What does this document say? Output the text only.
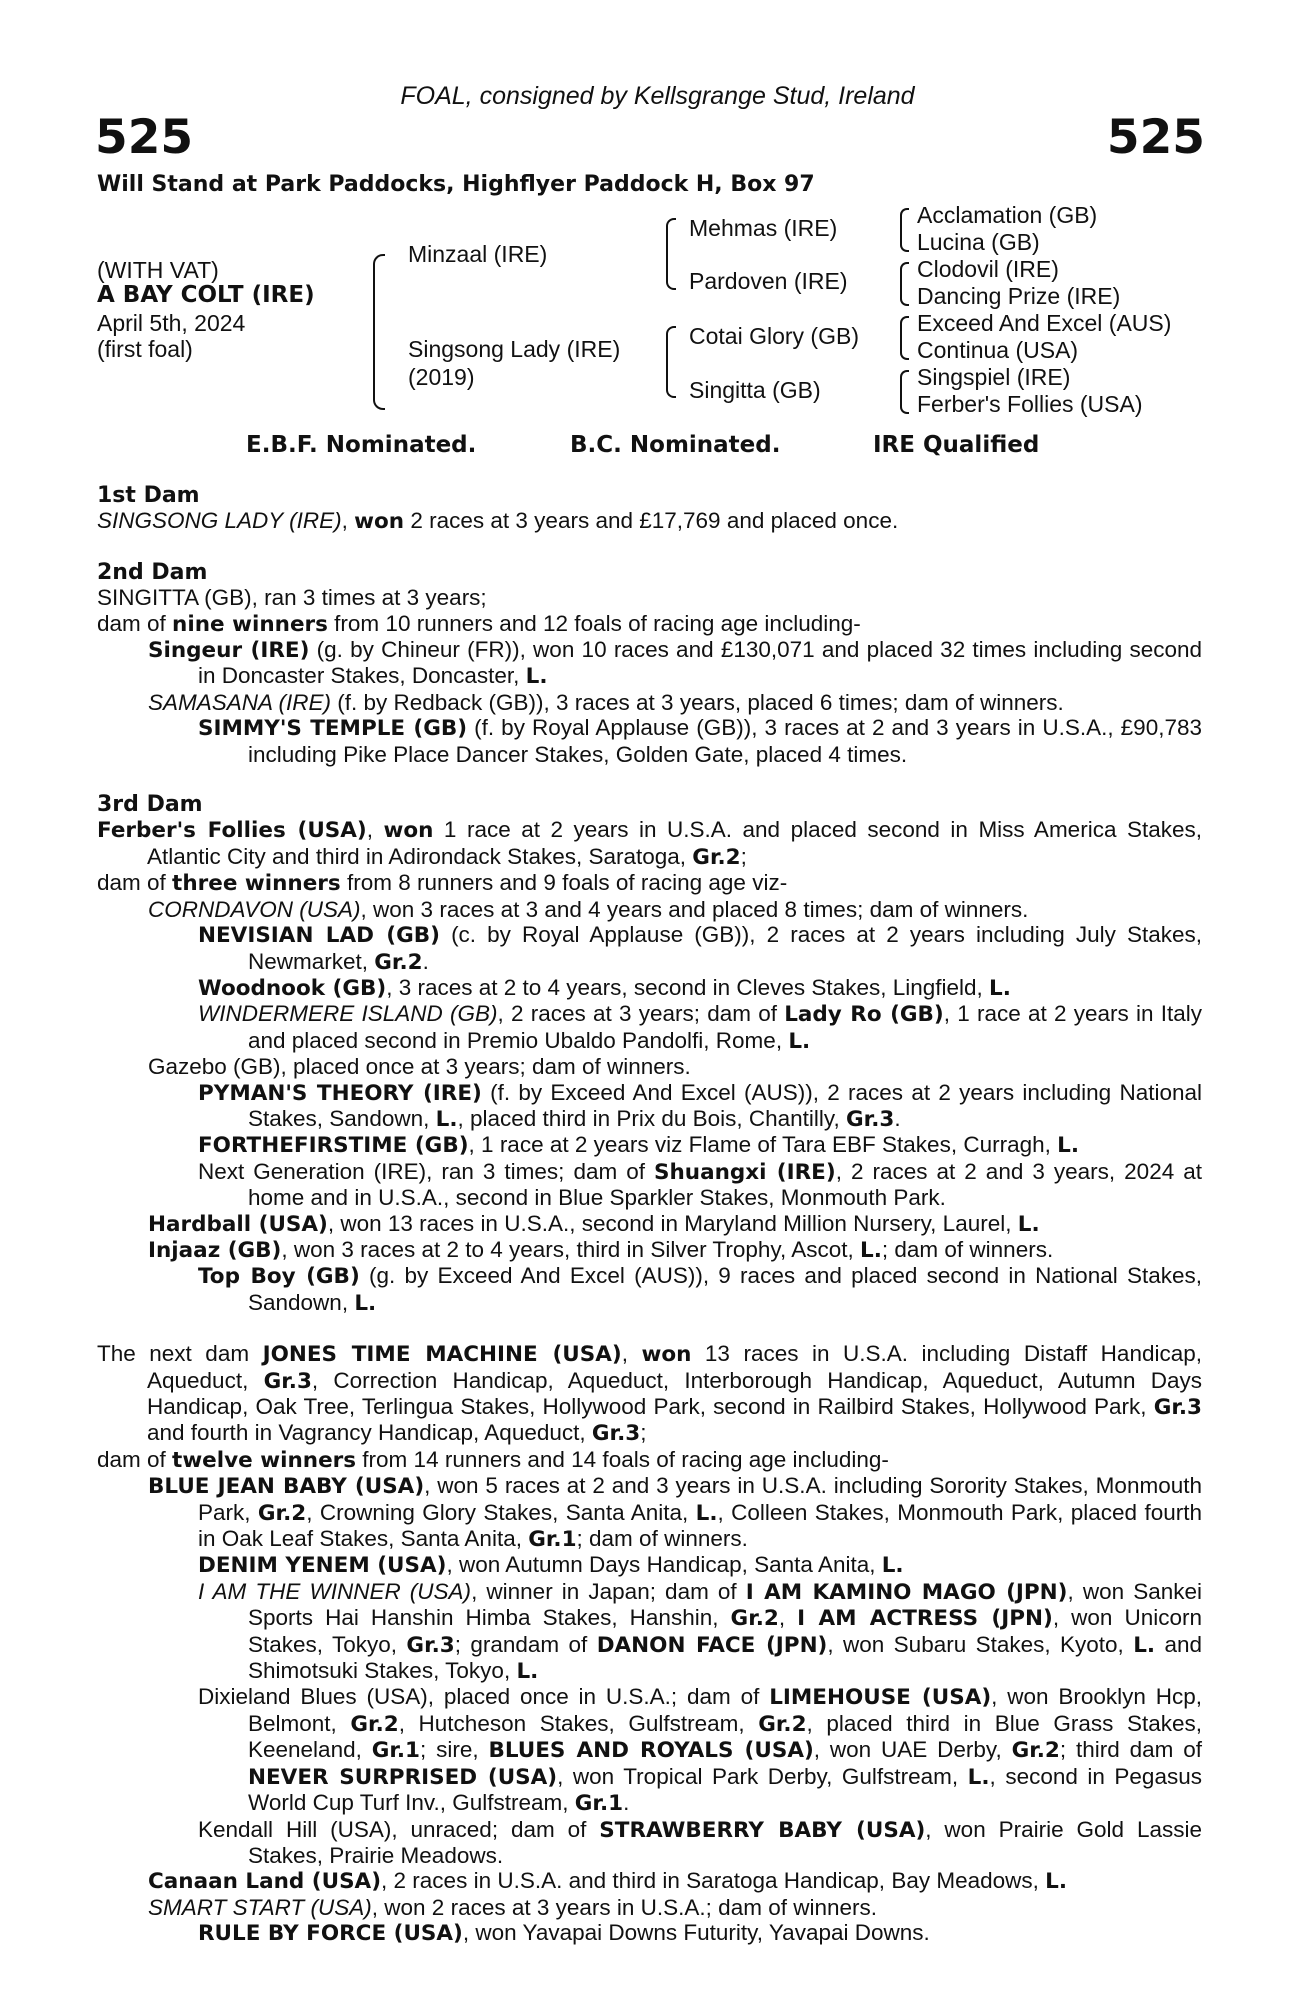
FOAL, consigned by Kellsgrange Stud, Ireland
525	525
Will Stand at Park Paddocks, Highflyer Paddock H, Box 97
(WITH VAT)
A BAY COLT (IRE)
April 5th, 2024
(first foal)
Minzaal (IRE)
Singsong Lady (IRE)
(2019)
Mehmas (IRE)
Pardoven (IRE)
Cotai Glory (GB)
Singitta (GB)
Acclamation (GB)
Lucina (GB)
Clodovil (IRE)
Dancing Prize (IRE)
Exceed And Excel (AUS)
Continua (USA)
Singspiel (IRE)
Ferber's Follies (USA)
E.B.F. Nominated.	B.C. Nominated.	IRE Qualified

1st Dam

SINGSONG LADY (IRE), won 2 races at 3 years and £17,769 and placed once.

2nd Dam

SINGITTA (GB), ran 3 times at 3 years;

dam of nine winners from 10 runners and 12 foals of racing age including-

Singeur (IRE) (g. by Chineur (FR)), won 10 races and £130,071 and placed 32 times including second in Doncaster Stakes, Doncaster, L.

SAMASANA (IRE) (f. by Redback (GB)), 3 races at 3 years, placed 6 times; dam of winners.

SIMMY'S TEMPLE (GB) (f. by Royal Applause (GB)), 3 races at 2 and 3 years in U.S.A., £90,783 including Pike Place Dancer Stakes, Golden Gate, placed 4 times.

3rd Dam

Ferber's Follies (USA), won 1 race at 2 years in U.S.A. and placed second in Miss America Stakes, Atlantic City and third in Adirondack Stakes, Saratoga, Gr.2;

dam of three winners from 8 runners and 9 foals of racing age viz-

CORNDAVON (USA), won 3 races at 3 and 4 years and placed 8 times; dam of winners.

NEVISIAN LAD (GB) (c. by Royal Applause (GB)), 2 races at 2 years including July Stakes, Newmarket, Gr.2.

Woodnook (GB), 3 races at 2 to 4 years, second in Cleves Stakes, Lingfield, L.

WINDERMERE ISLAND (GB), 2 races at 3 years; dam of Lady Ro (GB), 1 race at 2 years in Italy and placed second in Premio Ubaldo Pandolfi, Rome, L.

Gazebo (GB), placed once at 3 years; dam of winners.

PYMAN'S THEORY (IRE) (f. by Exceed And Excel (AUS)), 2 races at 2 years including National Stakes, Sandown, L., placed third in Prix du Bois, Chantilly, Gr.3.

FORTHEFIRSTIME (GB), 1 race at 2 years viz Flame of Tara EBF Stakes, Curragh, L.

Next Generation (IRE), ran 3 times; dam of Shuangxi (IRE), 2 races at 2 and 3 years, 2024 at home and in U.S.A., second in Blue Sparkler Stakes, Monmouth Park.

Hardball (USA), won 13 races in U.S.A., second in Maryland Million Nursery, Laurel, L.

Injaaz (GB), won 3 races at 2 to 4 years, third in Silver Trophy, Ascot, L.; dam of winners.

Top Boy (GB) (g. by Exceed And Excel (AUS)), 9 races and placed second in National Stakes, Sandown, L.

The next dam JONES TIME MACHINE (USA), won 13 races in U.S.A. including Distaff Handicap, Aqueduct, Gr.3, Correction Handicap, Aqueduct, Interborough Handicap, Aqueduct, Autumn Days Handicap, Oak Tree, Terlingua Stakes, Hollywood Park, second in Railbird Stakes, Hollywood Park, Gr.3 and fourth in Vagrancy Handicap, Aqueduct, Gr.3;

dam of twelve winners from 14 runners and 14 foals of racing age including-

BLUE JEAN BABY (USA), won 5 races at 2 and 3 years in U.S.A. including Sorority Stakes, Monmouth Park, Gr.2, Crowning Glory Stakes, Santa Anita, L., Colleen Stakes, Monmouth Park, placed fourth in Oak Leaf Stakes, Santa Anita, Gr.1; dam of winners.

DENIM YENEM (USA), won Autumn Days Handicap, Santa Anita, L.

I AM THE WINNER (USA), winner in Japan; dam of I AM KAMINO MAGO (JPN), won Sankei Sports Hai Hanshin Himba Stakes, Hanshin, Gr.2, I AM ACTRESS (JPN), won Unicorn Stakes, Tokyo, Gr.3; grandam of DANON FACE (JPN), won Subaru Stakes, Kyoto, L. and Shimotsuki Stakes, Tokyo, L.

Dixieland Blues (USA), placed once in U.S.A.; dam of LIMEHOUSE (USA), won Brooklyn Hcp, Belmont, Gr.2, Hutcheson Stakes, Gulfstream, Gr.2, placed third in Blue Grass Stakes, Keeneland, Gr.1; sire, BLUES AND ROYALS (USA), won UAE Derby, Gr.2; third dam of NEVER SURPRISED (USA), won Tropical Park Derby, Gulfstream, L., second in Pegasus World Cup Turf Inv., Gulfstream, Gr.1.

Kendall Hill (USA), unraced; dam of STRAWBERRY BABY (USA), won Prairie Gold Lassie Stakes, Prairie Meadows.

Canaan Land (USA), 2 races in U.S.A. and third in Saratoga Handicap, Bay Meadows, L.

SMART START (USA), won 2 races at 3 years in U.S.A.; dam of winners.

RULE BY FORCE (USA), won Yavapai Downs Futurity, Yavapai Downs.
